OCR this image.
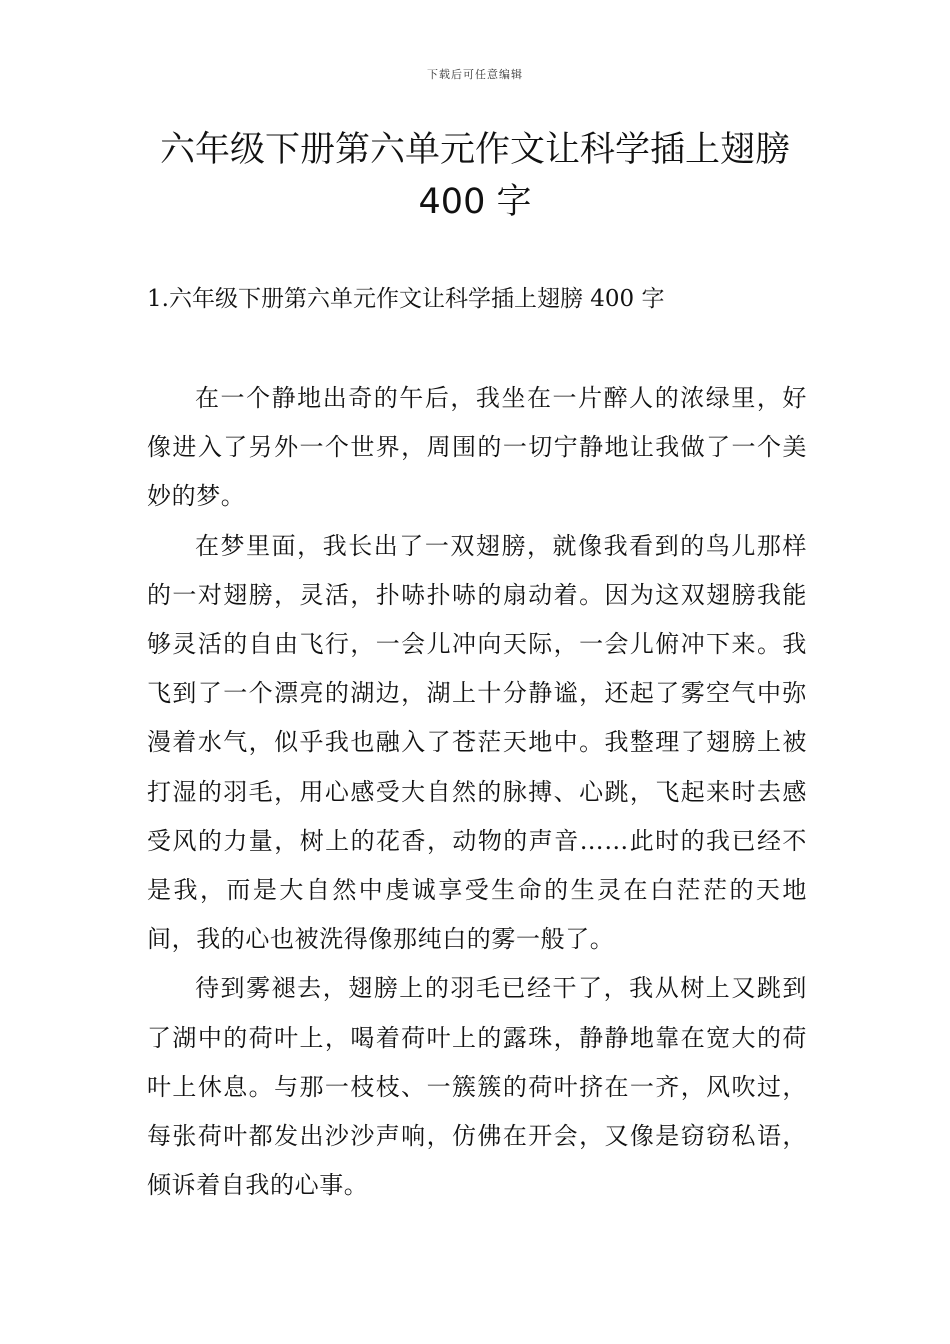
下载后可任意编辑
六年级下册第六单元作文让科学插上翅膀
400 字
1.六年级下册第六单元作文让科学插上翅膀 400 字

在一个静地出奇的午后，我坐在一片醉人的浓绿里，好像进入了另外一个世界，周围的一切宁静地让我做了一个美妙的梦。

在梦里面，我长出了一双翅膀，就像我看到的鸟儿那样的一对翅膀，灵活，扑哧扑哧的扇动着。因为这双翅膀我能够灵活的自由飞行，一会儿冲向天际，一会儿俯冲下来。我飞到了一个漂亮的湖边，湖上十分静谧，还起了雾空气中弥漫着水气，似乎我也融入了苍茫天地中。我整理了翅膀上被打湿的羽毛，用心感受大自然的脉搏、心跳，飞起来时去感受风的力量，树上的花香，动物的声音……此时的我已经不是我，而是大自然中虔诚享受生命的生灵在白茫茫的天地间，我的心也被洗得像那纯白的雾一般了。

待到雾褪去，翅膀上的羽毛已经干了，我从树上又跳到了湖中的荷叶上，喝着荷叶上的露珠，静静地靠在宽大的荷叶上休息。与那一枝枝、一簇簇的荷叶挤在一齐，风吹过，每张荷叶都发出沙沙声响，仿佛在开会，又像是窃窃私语，倾诉着自我的心事。
